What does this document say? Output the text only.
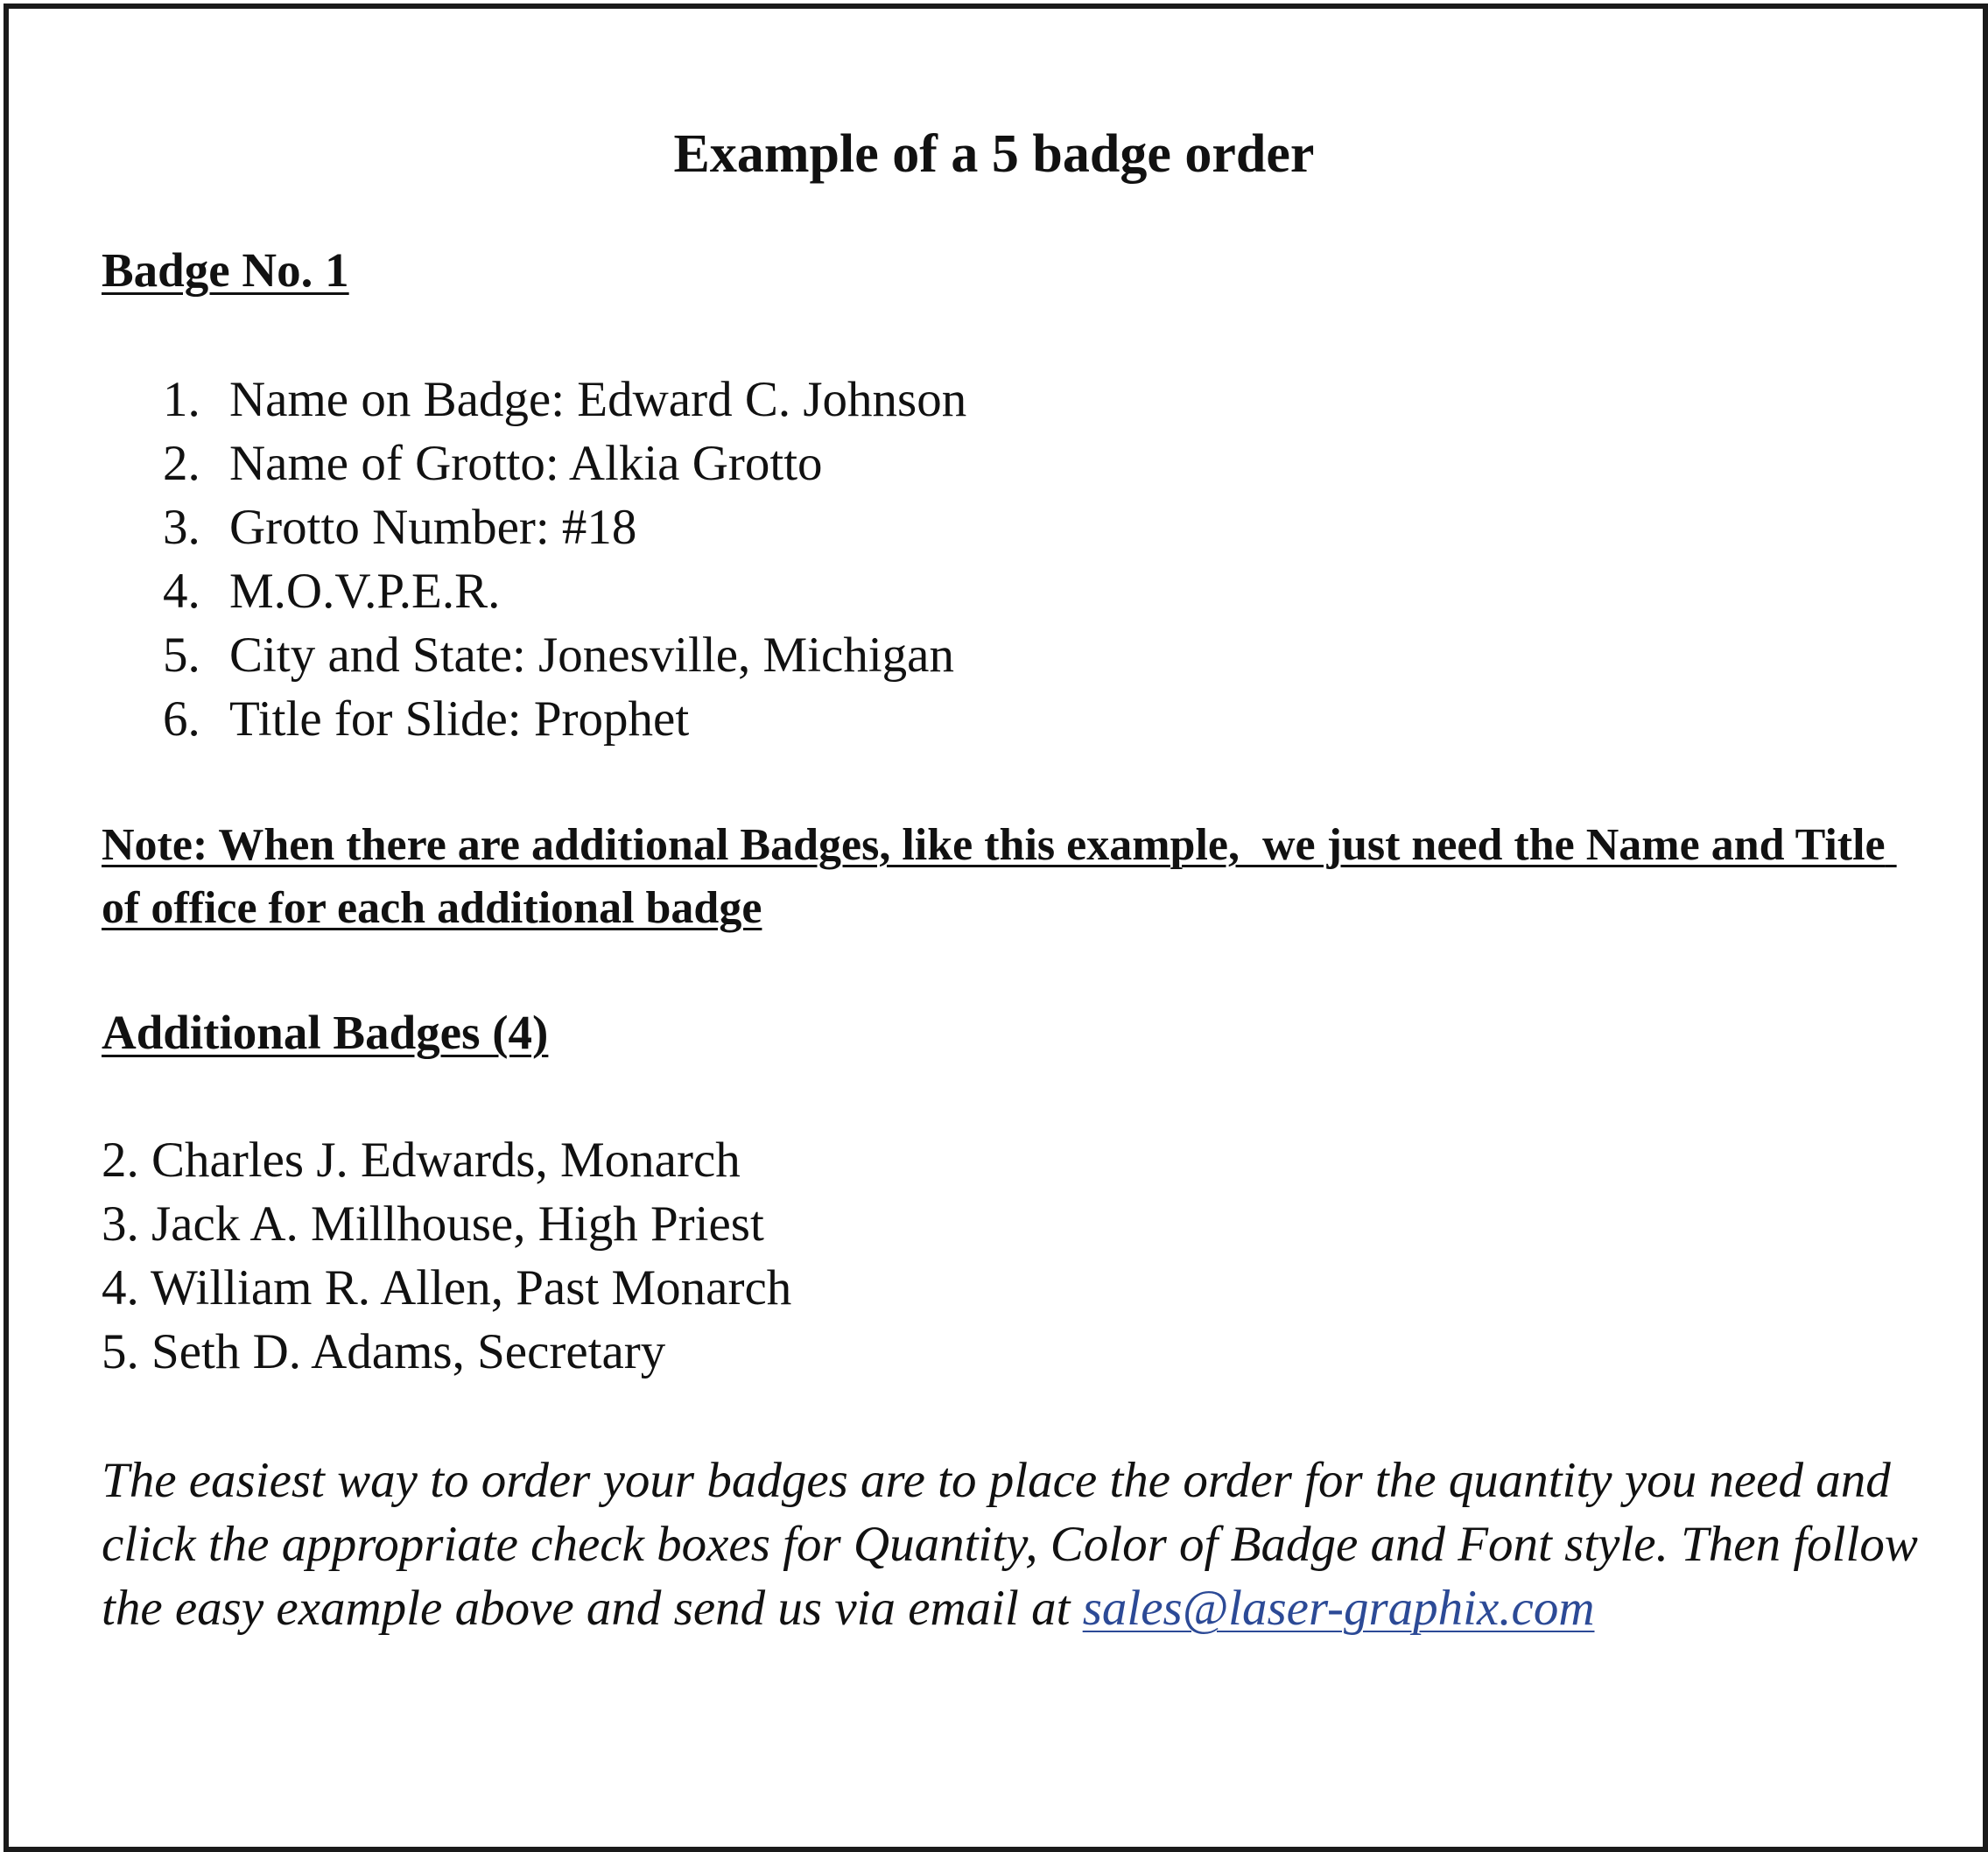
Example of a 5 badge order
Badge No. 1
1. Name on Badge: Edward C. Johnson
2. Name of Grotto: Alkia Grotto
3. Grotto Number: #18
4. M.O.V.P.E.R.
5. City and State: Jonesville, Michigan
6. Title for Slide: Prophet

Note: When there are additional Badges, like this example,  we just need the Name and Title of office for each additional badge

Additional Badges (4)
2. Charles J. Edwards, Monarch
3. Jack A. Millhouse, High Priest
4. William R. Allen, Past Monarch
5. Seth D. Adams, Secretary

The easiest way to order your badges are to place the order for the quantity you need and click the appropriate check boxes for Quantity, Color of Badge and Font style. Then follow the easy example above and send us via email at sales@laser-graphix.com
